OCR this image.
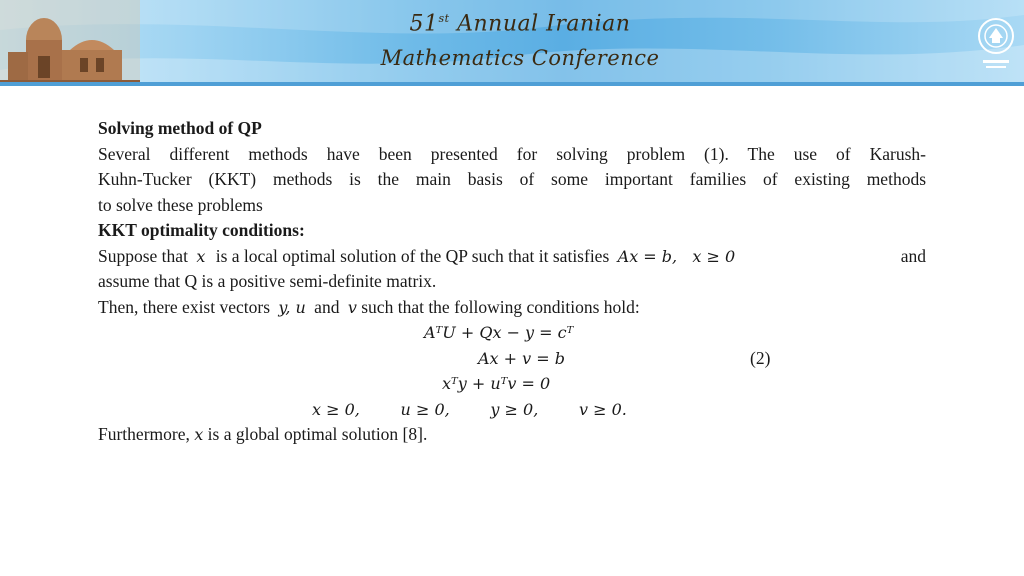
51st Annual Iranian
Mathematics Conference
Solving method of QP
Several different methods have been presented for solving problem (1). The use of Karush-
Kuhn-Tucker (KKT) methods is the main basis of some important families of existing methods
to solve these problems
KKT optimality conditions:
Suppose that x is a local optimal solution of the QP such that it satisfies Ax = b,   x ≥ 0	and
assume that Q is a positive semi-definite matrix.
Then, there exist vectors y, u and v such that the following conditions hold:
AᵀU + Qx − y = cᵀ
Ax + v = b	(2)
xᵀy + uᵀv = 0
x ≥ 0,        u ≥ 0,        y ≥ 0,        v ≥ 0.
Furthermore, x is a global optimal solution [8].
